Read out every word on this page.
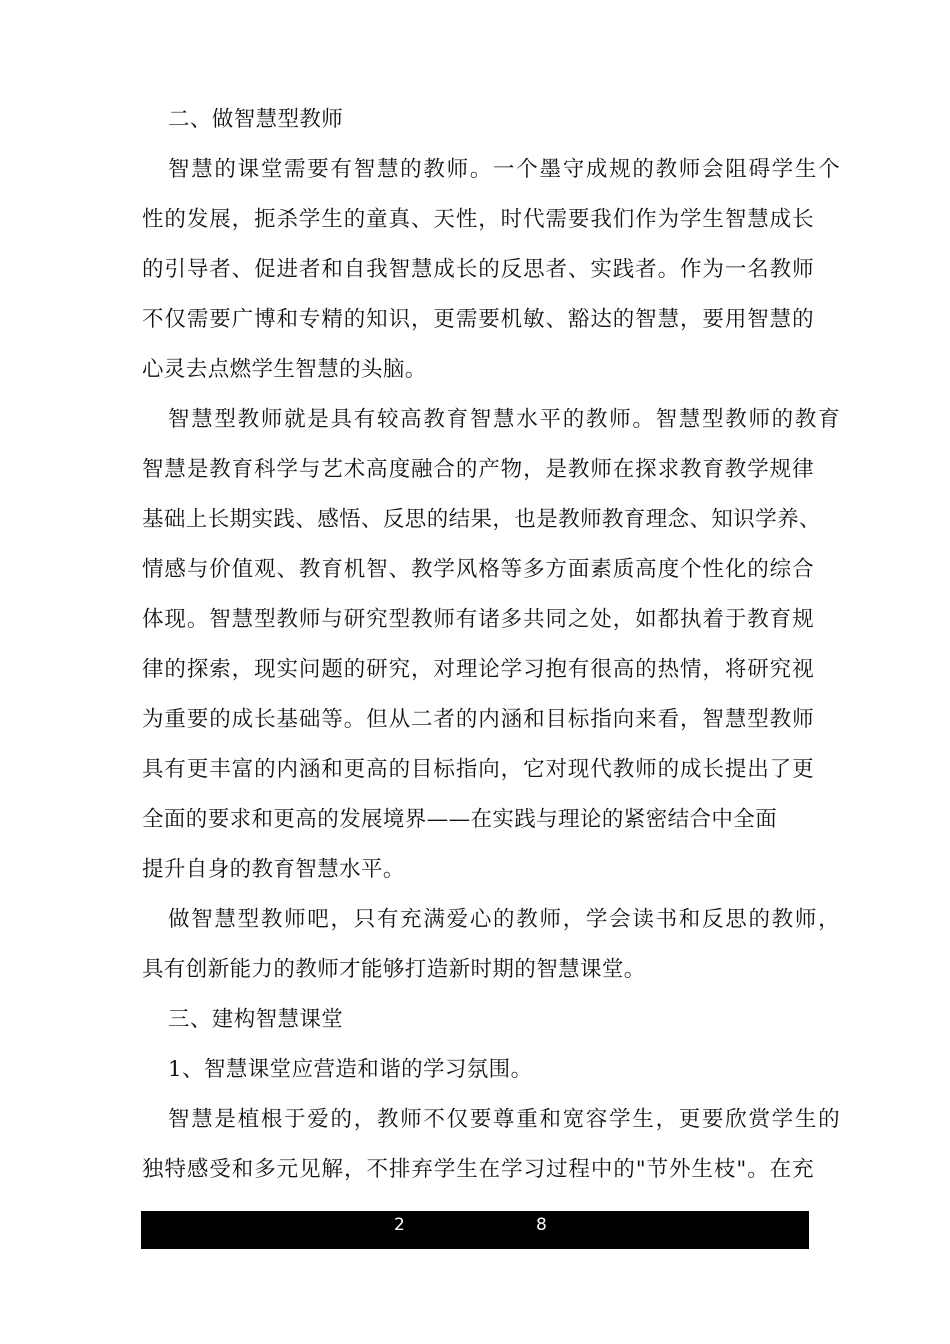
二、做智慧型教师
智慧的课堂需要有智慧的教师。一个墨守成规的教师会阻碍学生个
性的发展，扼杀学生的童真、天性，时代需要我们作为学生智慧成长
的引导者、促进者和自我智慧成长的反思者、实践者。作为一名教师
不仅需要广博和专精的知识，更需要机敏、豁达的智慧，要用智慧的
心灵去点燃学生智慧的头脑。
智慧型教师就是具有较高教育智慧水平的教师。智慧型教师的教育
智慧是教育科学与艺术高度融合的产物，是教师在探求教育教学规律
基础上长期实践、感悟、反思的结果，也是教师教育理念、知识学养、
情感与价值观、教育机智、教学风格等多方面素质高度个性化的综合
体现。智慧型教师与研究型教师有诸多共同之处，如都执着于教育规
律的探索，现实问题的研究，对理论学习抱有很高的热情，将研究视
为重要的成长基础等。但从二者的内涵和目标指向来看，智慧型教师
具有更丰富的内涵和更高的目标指向，它对现代教师的成长提出了更
全面的要求和更高的发展境界——在实践与理论的紧密结合中全面
提升自身的教育智慧水平。
做智慧型教师吧，只有充满爱心的教师，学会读书和反思的教师，
具有创新能力的教师才能够打造新时期的智慧课堂。
三、建构智慧课堂
1、智慧课堂应营造和谐的学习氛围。
智慧是植根于爱的，教师不仅要尊重和宽容学生，更要欣赏学生的
独特感受和多元见解，不排弃学生在学习过程中的"节外生枝"。在充
2	8
